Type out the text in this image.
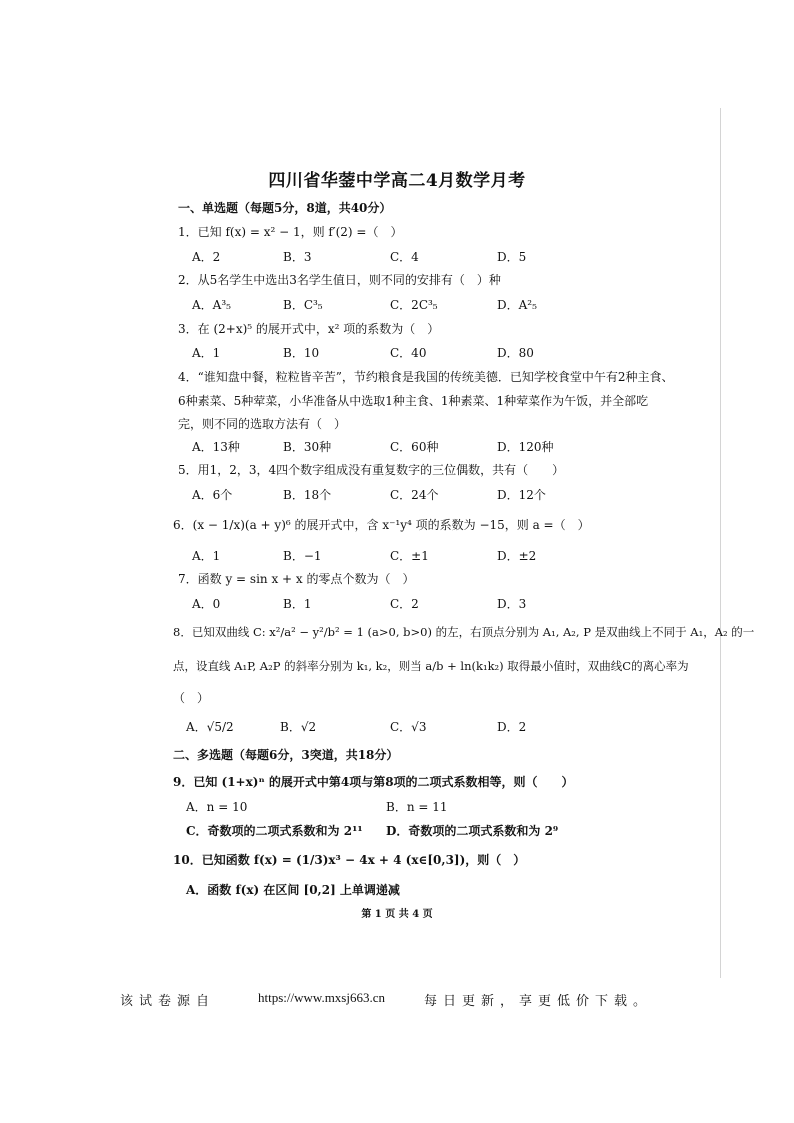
四川省华蓥中学高二4月数学月考
一、单选题（每题5分，8道，共40分）
1．已知 f(x) = x² − 1，则 f′(2) =（　）
A．2	B．3	C．4	D．5
2．从5名学生中选出3名学生值日，则不同的安排有（　）种
A．A³₅	B．C³₅	C．2C³₅	D．A²₅
3．在 (2+x)⁵ 的展开式中，x² 项的系数为（　）
A．1	B．10	C．40	D．80
4．“谁知盘中餐，粒粒皆辛苦”，节约粮食是我国的传统美德．已知学校食堂中午有2种主食、
6种素菜、5种荤菜，小华准备从中选取1种主食、1种素菜、1种荤菜作为午饭，并全部吃
完，则不同的选取方法有（　）
A．13种	B．30种	C．60种	D．120种
5．用1，2，3，4四个数字组成没有重复数字的三位偶数，共有（　　）
A．6个	B．18个	C．24个	D．12个
6．(x − 1/x)(a + y)⁶ 的展开式中，含 x⁻¹y⁴ 项的系数为 −15，则 a =（　）
A．1	B．−1	C．±1	D．±2
7．函数 y = sin x + x 的零点个数为（　）
A．0	B．1	C．2	D．3
8．已知双曲线 C: x²/a² − y²/b² = 1 (a>0, b>0) 的左，右顶点分别为 A₁, A₂, P 是双曲线上不同于 A₁，A₂ 的一
点，设直线 A₁P, A₂P 的斜率分别为 k₁, k₂，则当 a/b + ln(k₁k₂) 取得最小值时，双曲线C的离心率为
（　）
A．√5/2	B．√2	C．√3	D．2
二、多选题（每题6分，3突道，共18分）
9．已知 (1+x)ⁿ 的展开式中第4项与第8项的二项式系数相等，则（　　）
A．n = 10	B．n = 11
C．奇数项的二项式系数和为 2¹¹ D．奇数项的二项式系数和为 2⁹
10．已知函数 f(x) = (1/3)x³ − 4x + 4 (x∈[0,3])，则（　）
A．函数 f(x) 在区间 [0,2] 上单调递减
第 1 页 共 4 页
该试卷源自	https://www.mxsj663.cn	每日更新，享更低价下载。
